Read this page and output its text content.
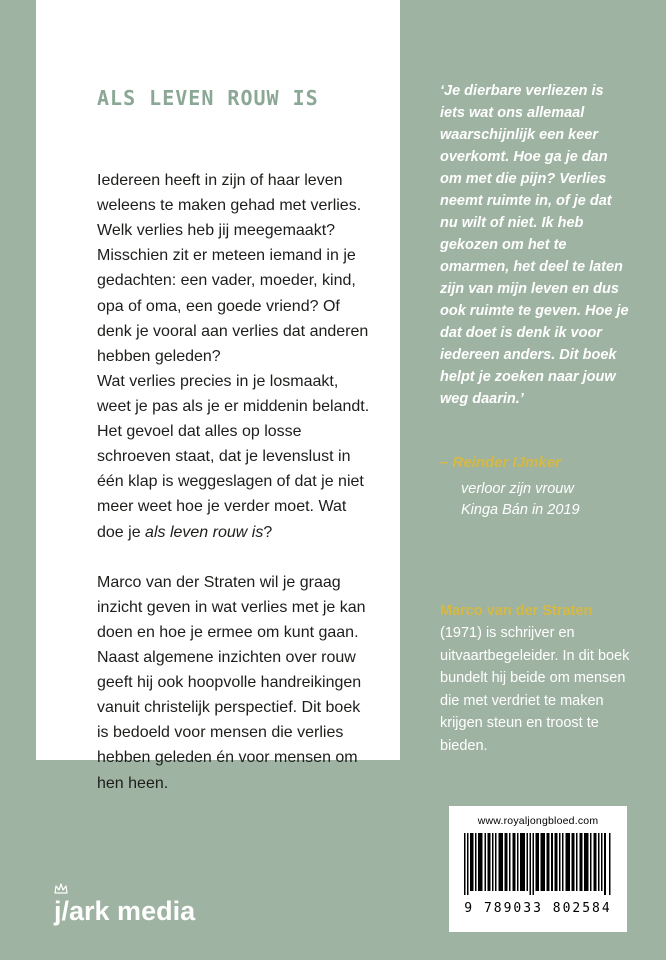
ALS LEVEN ROUW IS

Iedereen heeft in zijn of haar leven weleens te maken gehad met verlies. Welk verlies heb jij meegemaakt? Misschien zit er meteen iemand in je gedachten: een vader, moeder, kind, opa of oma, een goede vriend? Of denk je vooral aan verlies dat anderen hebben geleden?

Wat verlies precies in je losmaakt, weet je pas als je er middenin belandt. Het gevoel dat alles op losse schroeven staat, dat je levenslust in één klap is weggeslagen of dat je niet meer weet hoe je verder moet. Wat doe je als leven rouw is?

Marco van der Straten wil je graag inzicht geven in wat verlies met je kan doen en hoe je ermee om kunt gaan. Naast algemene inzichten over rouw geeft hij ook hoopvolle handreikingen vanuit christelijk perspectief. Dit boek is bedoeld voor mensen die verlies hebben geleden én voor mensen om hen heen.

‘Je dierbare verliezen is iets wat ons allemaal waarschijnlijk een keer overkomt. Hoe ga je dan om met die pijn? Verlies neemt ruimte in, of je dat nu wilt of niet. Ik heb gekozen om het te omarmen, het deel te laten zijn van mijn leven en dus ook ruimte te geven. Hoe je dat doet is denk ik voor iedereen anders. Dit boek helpt je zoeken naar jouw weg daarin.’
– Reinder IJmker
verloor zijn vrouw
Kinga Bán in 2019
Marco van der Straten
(1971) is schrijver en uitvaartbegeleider. In dit boek bundelt hij beide om mensen die met verdriet te maken krijgen steun en troost te bieden.
www.royaljongbloed.com
9 789033 802584
j /ark media
